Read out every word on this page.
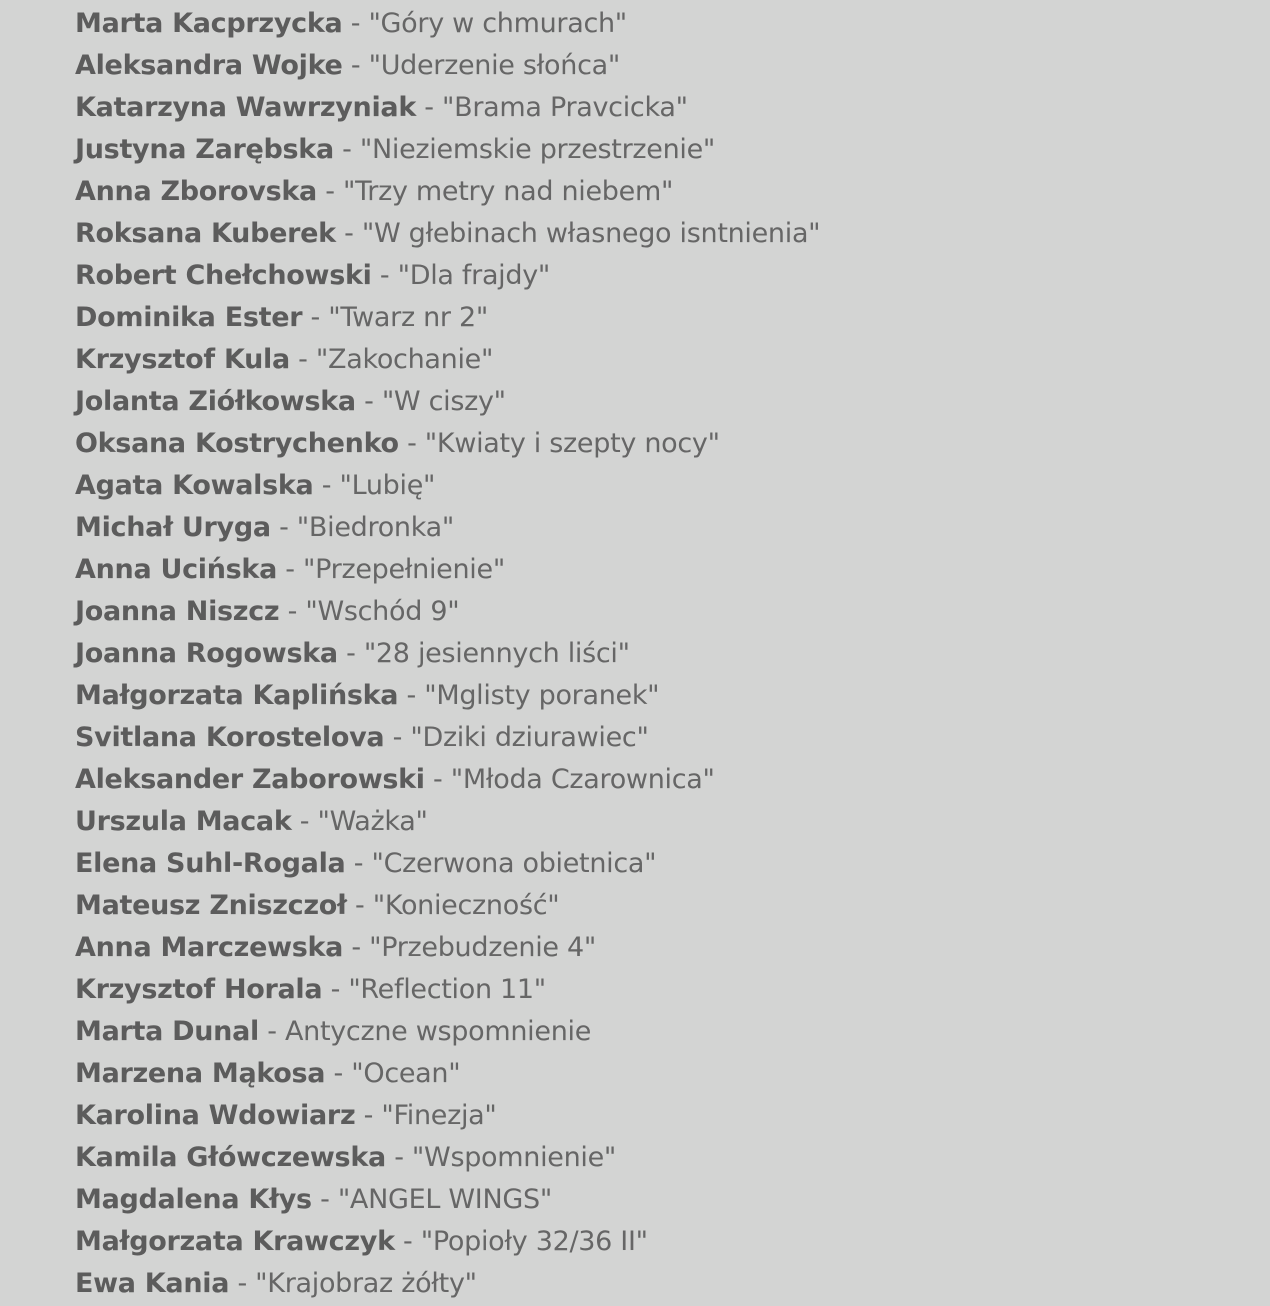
Marta Kacprzycka - "Góry w chmurach"
Aleksandra Wojke - "Uderzenie słońca"
Katarzyna Wawrzyniak - "Brama Pravcicka"
Justyna Zarębska - "Nieziemskie przestrzenie"
Anna Zborovska - "Trzy metry nad niebem"
Roksana Kuberek - "W głebinach własnego isntnienia"
Robert Chełchowski - "Dla frajdy"
Dominika Ester - "Twarz nr 2"
Krzysztof Kula - "Zakochanie"
Jolanta Ziółkowska - "W ciszy"
Oksana Kostrychenko - "Kwiaty i szepty nocy"
Agata Kowalska - "Lubię"
Michał Uryga - "Biedronka"
Anna Ucińska - "Przepełnienie"
Joanna Niszcz - "Wschód 9"
Joanna Rogowska - "28 jesiennych liści"
Małgorzata Kaplińska - "Mglisty poranek"
Svitlana Korostelova - "Dziki dziurawiec"
Aleksander Zaborowski - "Młoda Czarownica"
Urszula Macak - "Ważka"
Elena Suhl-Rogala - "Czerwona obietnica"
Mateusz Zniszczoł - "Konieczność"
Anna Marczewska - "Przebudzenie 4"
Krzysztof Horala - "Reflection 11"
Marta Dunal - Antyczne wspomnienie
Marzena Mąkosa - "Ocean"
Karolina Wdowiarz - "Finezja"
Kamila Główczewska - "Wspomnienie"
Magdalena Kłys - "ANGEL WINGS"
Małgorzata Krawczyk - "Popioły 32/36 II"
Ewa Kania - "Krajobraz żółty"
